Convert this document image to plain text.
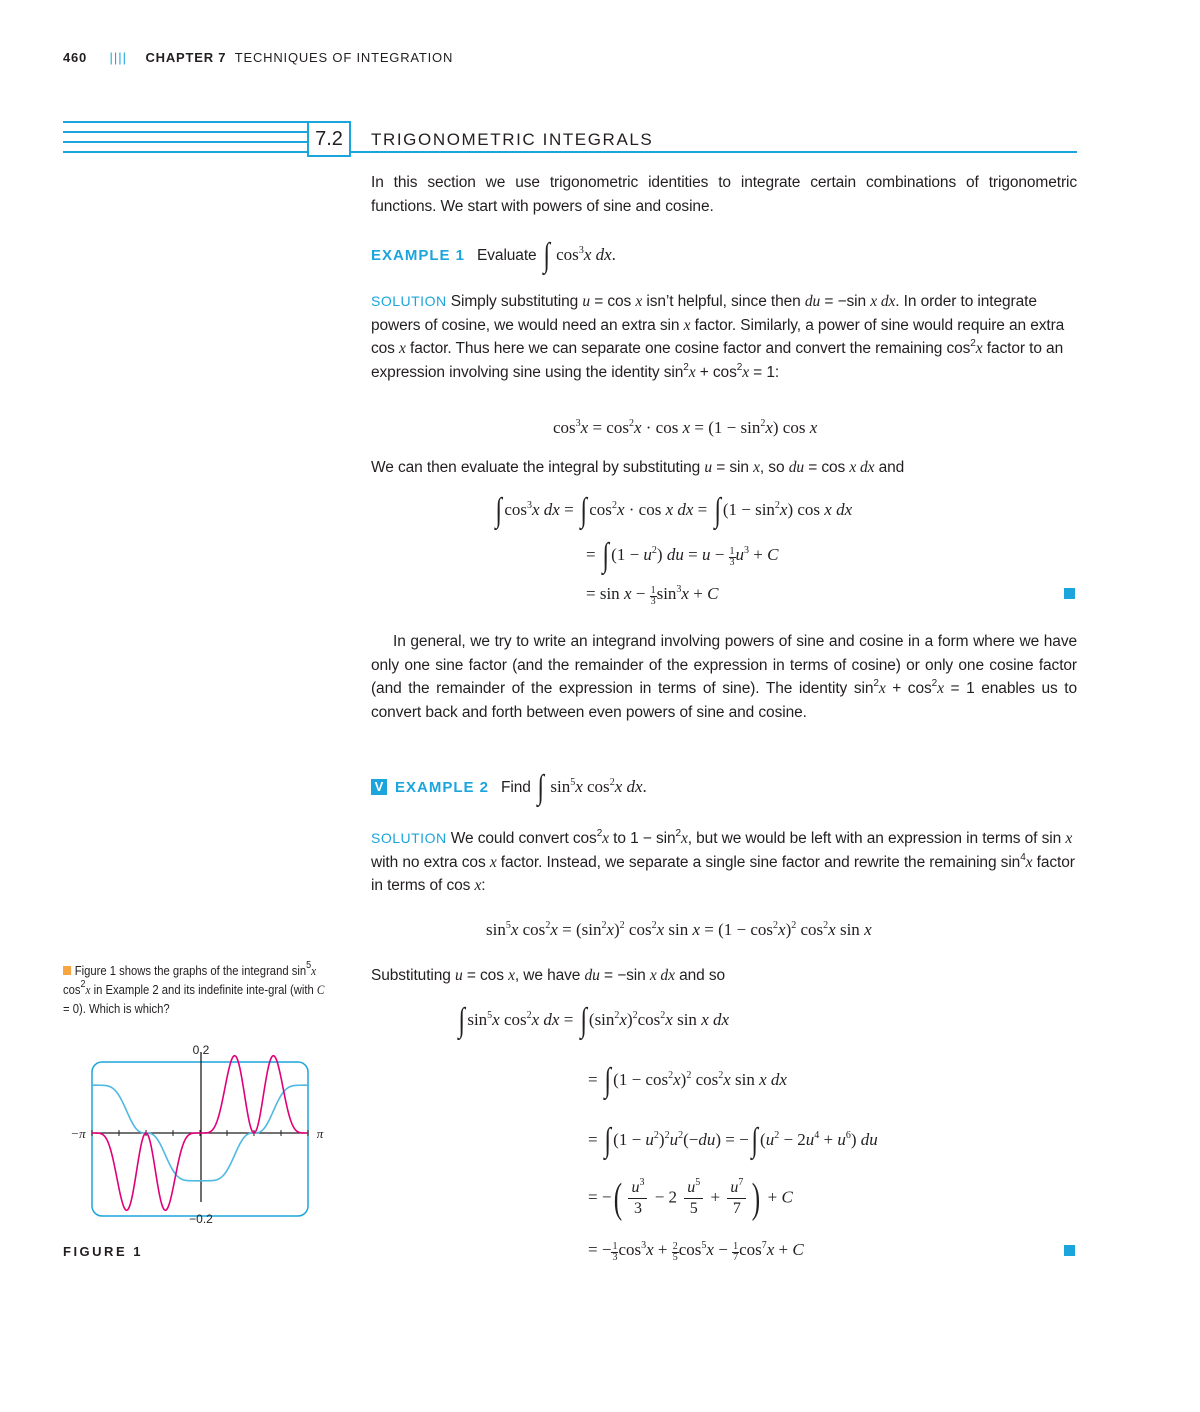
460 |||| CHAPTER 7 TECHNIQUES OF INTEGRATION
7.2	TRIGONOMETRIC INTEGRALS
In this section we use trigonometric identities to integrate certain combinations of trigonometric functions. We start with powers of sine and cosine.
EXAMPLE 1 Evaluate ∫ $\cos^3x$ dx.
SOLUTION Simply substituting u = cos x isn’t helpful, since then du = −sin x dx. In order to integrate powers of cosine, we would need an extra sin x factor. Similarly, a power of sine would require an extra cos x factor. Thus here we can separate one cosine factor and convert the remaining $\cos^2x$ factor to an expression involving sine using the identity $\sin^2x + \cos^2x = 1$:
$\cos^3x = \cos^2x \cdot \cos x = (1 - \sin^2x)$ cos x
We can then evaluate the integral by substituting u = sin x, so du = cos x dx and
∫ $\cos^3x$ dx = ∫ $\cos^2x \cdot \cos x$ dx = ∫ $(1 - \sin^2x)$ cos x dx
= ∫ $(1 - u^2)$ du = $u - \frac{1}{3} u^3 + C$
= $\sin x - \frac{1}{3} \sin^3x + C$
In general, we try to write an integrand involving powers of sine and cosine in a form where we have only one sine factor (and the remainder of the expression in terms of cosine) or only one cosine factor (and the remainder of the expression in terms of sine). The identity $\sin^2x + \cos^2x = 1$ enables us to convert back and forth between even powers of sine and cosine.
V EXAMPLE 2 Find ∫ $\sin^5x$ $\cos^2x$ dx.
SOLUTION We could convert $\cos^2x$ to $1 - \sin^2x$, but we would be left with an expression in terms of sin x with no extra cos x factor. Instead, we separate a single sine factor and rewrite the remaining $\sin^4x$ factor in terms of cos x:
$\sin^5x$ $\cos^2x = (\sin^2x)^2$ $\cos^2x$ $\sin x = (1 - \cos^2x)^2$ $\cos^2x$ sin x
Substituting u = cos x, we have du = −sin x dx and so
∫ $\sin^5x$ $\cos^2x$ dx = ∫ $(\sin^2x)^2\cos^2x$ sin x dx
= ∫ $(1 - \cos^2x)^2$ $\cos^2x$ sin x dx
= ∫ $(1 - u^2)^2u^2(-du)$ = −∫ $(u^2 - 2u^4 + u^6)$ du
= −( $\frac{u^3}{3} - 2 \frac{u^5}{5} + \frac{u^7}{7}$ ) + C
= − $\frac{1}{3} \cos^3x + \frac{2}{5} \cos^5x - \frac{1}{7} \cos^7x + C$
Figure 1 shows the graphs of the integrand $\sin^5x$ $\cos^2x$ in Example 2 and its indefinite inte-gral (with C = 0). Which is which?
0.2
−0.2
−π	π
FIGURE 1
